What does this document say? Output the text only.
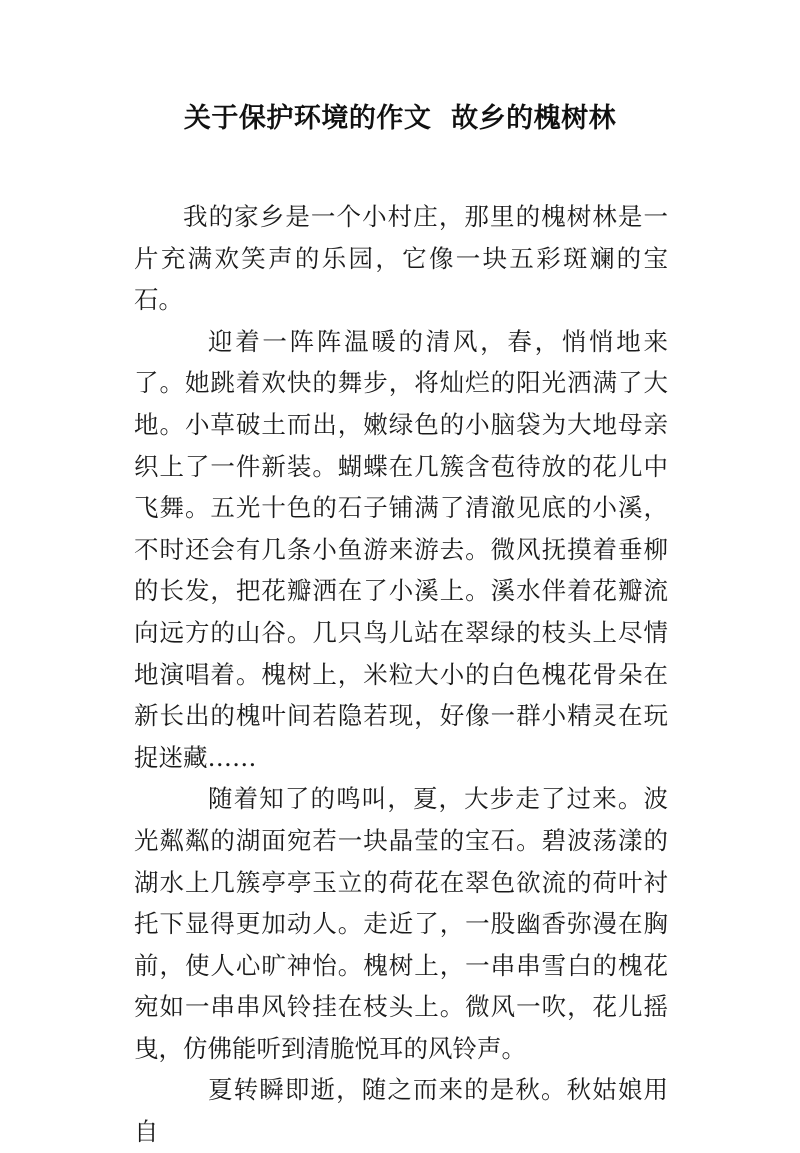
关于保护环境的作文  故乡的槐树林

我的家乡是一个小村庄，那里的槐树林是一片充满欢笑声的乐园，它像一块五彩斑斓的宝石。

迎着一阵阵温暖的清风，春，悄悄地来了。她跳着欢快的舞步，将灿烂的阳光洒满了大地。小草破土而出，嫩绿色的小脑袋为大地母亲织上了一件新装。蝴蝶在几簇含苞待放的花儿中飞舞。五光十色的石子铺满了清澈见底的小溪，不时还会有几条小鱼游来游去。微风抚摸着垂柳的长发，把花瓣洒在了小溪上。溪水伴着花瓣流向远方的山谷。几只鸟儿站在翠绿的枝头上尽情地演唱着。槐树上，米粒大小的白色槐花骨朵在新长出的槐叶间若隐若现，好像一群小精灵在玩捉迷藏……

随着知了的鸣叫，夏，大步走了过来。波光粼粼的湖面宛若一块晶莹的宝石。碧波荡漾的湖水上几簇亭亭玉立的荷花在翠色欲流的荷叶衬托下显得更加动人。走近了，一股幽香弥漫在胸前，使人心旷神怡。槐树上，一串串雪白的槐花宛如一串串风铃挂在枝头上。微风一吹，花儿摇曳，仿佛能听到清脆悦耳的风铃声。

夏转瞬即逝，随之而来的是秋。秋姑娘用自
